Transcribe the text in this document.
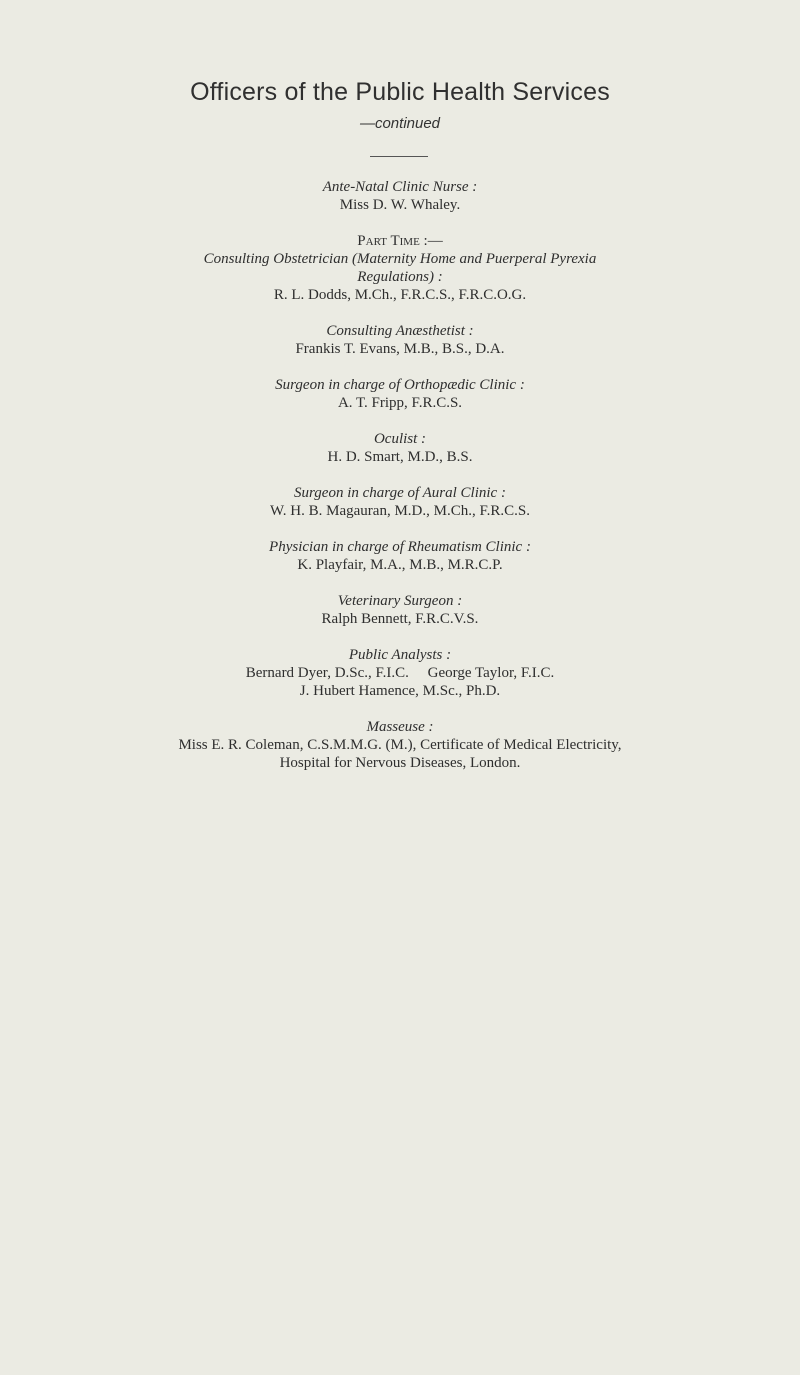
Officers of the Public Health Services
—continued
Ante-Natal Clinic Nurse :
Miss D. W. Whaley.
Part Time :—
Consulting Obstetrician (Maternity Home and Puerperal Pyrexia
Regulations) :
R. L. Dodds, M.Ch., F.R.C.S., F.R.C.O.G.
Consulting Anæsthetist :
Frankis T. Evans, M.B., B.S., D.A.
Surgeon in charge of Orthopædic Clinic :
A. T. Fripp, F.R.C.S.
Oculist :
H. D. Smart, M.D., B.S.
Surgeon in charge of Aural Clinic :
W. H. B. Magauran, M.D., M.Ch., F.R.C.S.
Physician in charge of Rheumatism Clinic :
K. Playfair, M.A., M.B., M.R.C.P.
Veterinary Surgeon :
Ralph Bennett, F.R.C.V.S.
Public Analysts :
Bernard Dyer, D.Sc., F.I.C.     George Taylor, F.I.C.
J. Hubert Hamence, M.Sc., Ph.D.
Masseuse :
Miss E. R. Coleman, C.S.M.M.G. (M.), Certificate of Medical Electricity,
Hospital for Nervous Diseases, London.
